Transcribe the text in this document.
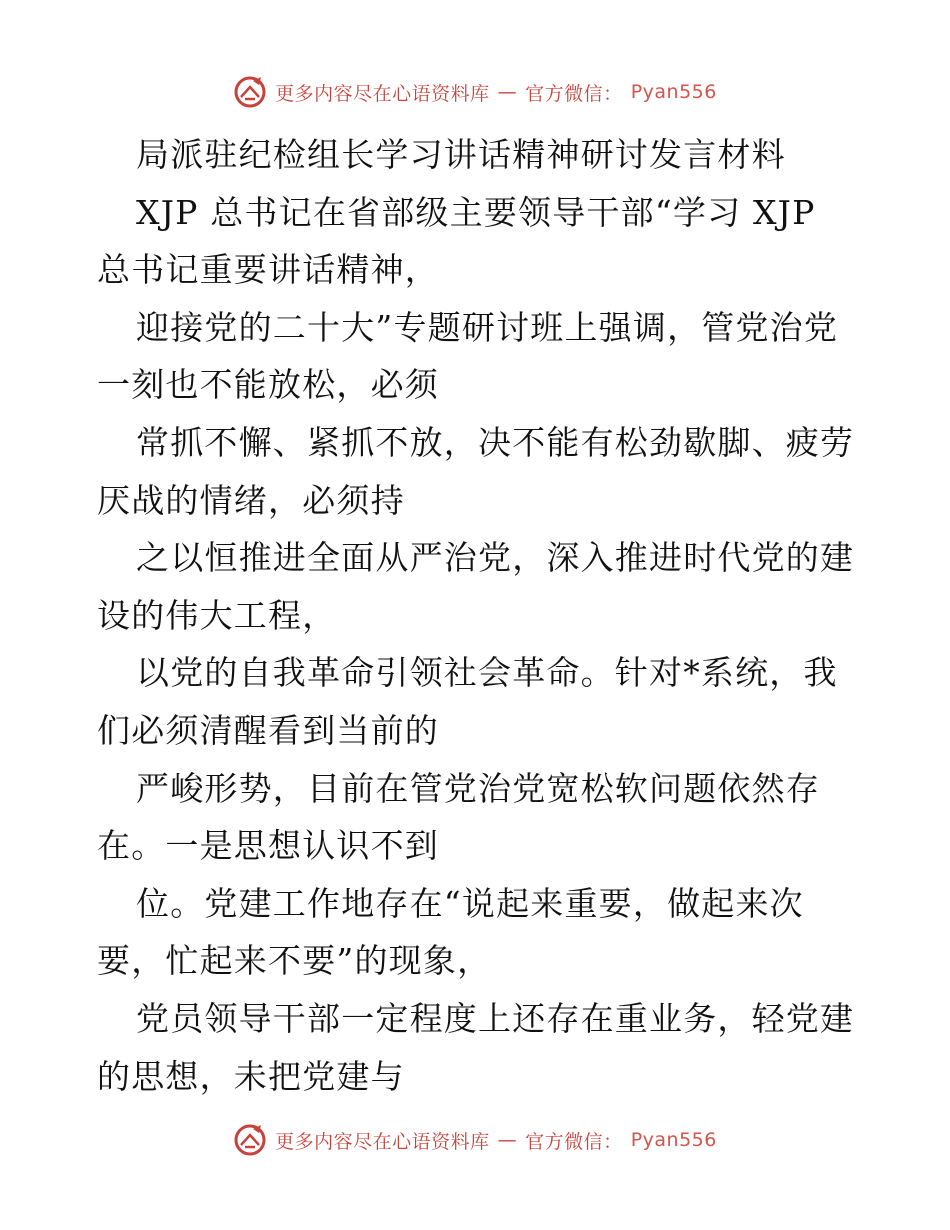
更多内容尽在心语资料库 — 官方微信： Pyan556
局派驻纪检组长学习讲话精神研讨发言材料
XJP 总书记在省部级主要领导干部“学习 XJP
总书记重要讲话精神，
迎接党的二十大”专题研讨班上强调，管党治党
一刻也不能放松，必须
常抓不懈、紧抓不放，决不能有松劲歇脚、疲劳
厌战的情绪，必须持
之以恒推进全面从严治党，深入推进时代党的建
设的伟大工程，
以党的自我革命引领社会革命。针对*系统，我
们必须清醒看到当前的
严峻形势，目前在管党治党宽松软问题依然存
在。一是思想认识不到
位。党建工作地存在“说起来重要，做起来次
要，忙起来不要”的现象，
党员领导干部一定程度上还存在重业务，轻党建
的思想，未把党建与
更多内容尽在心语资料库 — 官方微信： Pyan556
